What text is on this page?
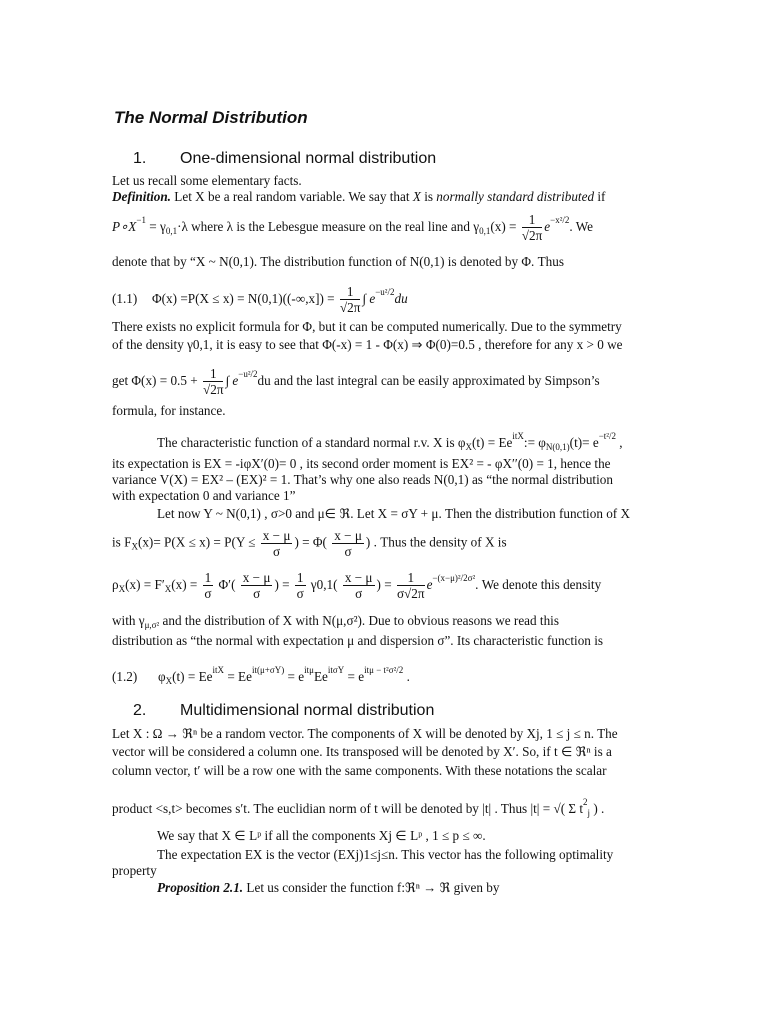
The Normal Distribution
1. One-dimensional normal distribution
Let us recall some elementary facts.
Definition. Let X be a real random variable. We say that X is normally standard distributed if
$P\circ X^{-1} = \gamma_{0,1}\cdot\lambda$ where λ is the Lebesgue measure on the real line and $\gamma_{0,1}(x) = \frac{1}{√2\pi} e^{-x^2/2}$. We
denote that by “X ~ N(0,1). The distribution function of N(0,1) is denoted by Φ. Thus
(1.1) $\Phi(x) =P(X \le x) = N(0,1)((-\infty,x]) = \frac{1}{√2\pi}$ ∫ $e^{-u^2/2}du$
There exists no explicit formula for Φ, but it can be computed numerically. Due to the symmetry
of the density γ0,1, it is easy to see that Φ(-x) = 1 - Φ(x) ⇒ Φ(0)=0.5 , therefore for any x > 0 we
get $\Phi(x) = 0.5 + \frac{1}{√2\pi}$ ∫ $e^{-u^2/2}du$ and the last integral can be easily approximated by Simpson’s
formula, for instance.
The characteristic function of a standard normal r.v. X is $\varphi_X(t)$ = $Ee^{itX}:= \varphi_{N(0,1)}(t)= e^{-t^2/2}$ ,
its expectation is EX = -iφX′(0)= 0 , its second order moment is EX² = - φX′′(0) = 1, hence the
variance V(X) = EX² – (EX)² = 1. That’s why one also reads N(0,1) as “the normal distribution
with expectation 0 and variance 1”
Let now Y ~ N(0,1) , σ>0 and μ∈ ℜ. Let X = σY + μ. Then the distribution function of X
is $F_X(x)= P(X \le x) = P(Y \le \frac{x - \mu}{\sigma}$ ) = $\Phi( \frac{x - \mu}{\sigma}$ ) . Thus the density of X is
$\rho_X(x) = F'_X(x) = \frac{1}{\sigma} \Phi'( \frac{x - \mu}{\sigma}$ ) = $\frac{1}{\sigma} \gamma 0,1( \frac{x - \mu}{\sigma}$ ) = $\frac{1}{\sigma√2\pi} e^{-(x-\mu)^2/2\sigma^2}$. We denote this density
with $\gamma_{\mu,\sigma^2}$ and the distribution of X with N(μ,σ²). Due to obvious reasons we read this
distribution as “the normal with expectation μ and dispersion σ”. Its characteristic function is
(1.2) $\varphi_X(t) = Ee^{itX} = Ee^{it(\mu+\sigma Y)} = e^{it\mu}Ee^{it\sigma Y} = e^{it\mu - t^2\sigma^2/2}$ .
2. Multidimensional normal distribution
Let X : Ω → ℜⁿ be a random vector. The components of X will be denoted by Xj, 1 ≤ j ≤ n. The
vector will be considered a column one. Its transposed will be denoted by X′. So, if t ∈ ℜⁿ is a
column vector, t′ will be a row one with the same components. With these notations the scalar
product <s,t> becomes s′t. The euclidian norm of t will be denoted by |t| . Thus |t| = √( Σ $t^2_j$ ) .
We say that X ∈ Lᵖ if all the components Xj ∈ Lᵖ , 1 ≤ p ≤ ∞.
The expectation EX is the vector (EXj)1≤j≤n. This vector has the following optimality
property
Proposition 2.1. Let us consider the function f:ℜⁿ → ℜ given by
